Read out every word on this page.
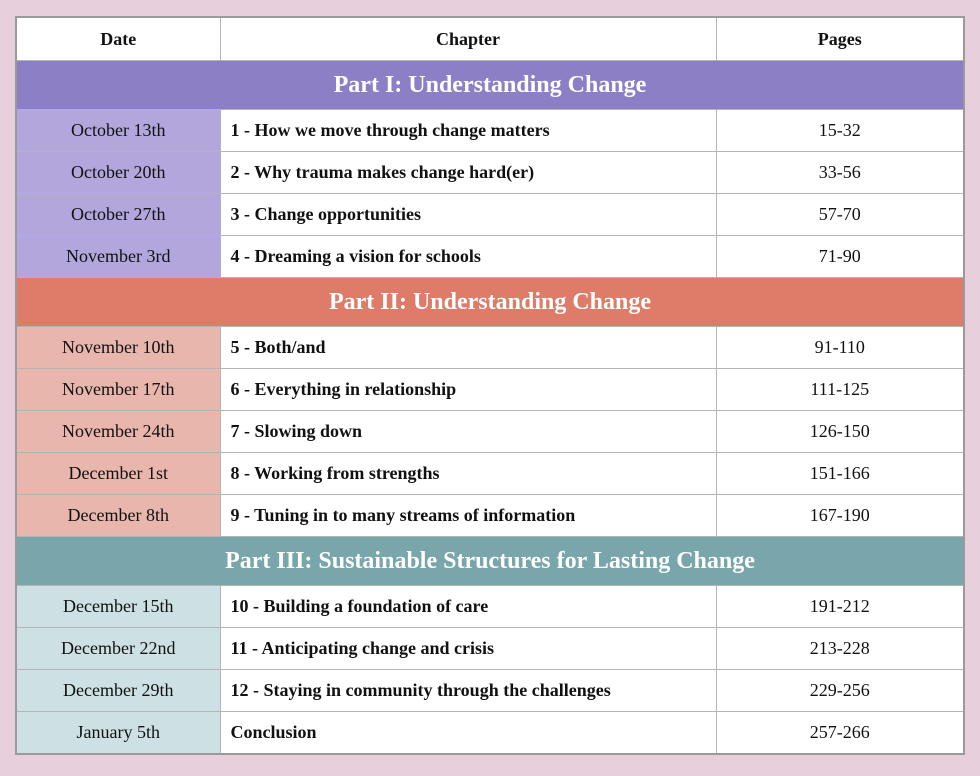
Date	Chapter	Pages
Part I: Understanding Change		
October 13th	1 - How we move through change matters	15-32
October 20th	2 - Why trauma makes change hard(er)	33-56
October 27th	3 - Change opportunities	57-70
November 3rd	4 - Dreaming a vision for schools	71-90
Part II: Understanding Change		
November 10th	5 - Both/and	91-110
November 17th	6 - Everything in relationship	111-125
November 24th	7 - Slowing down	126-150
December 1st	8 - Working from strengths	151-166
December 8th	9 - Tuning in to many streams of information	167-190
Part III: Sustainable Structures for Lasting Change		
December 15th	10 - Building a foundation of care	191-212
December 22nd	11 - Anticipating change and crisis	213-228
December 29th	12 - Staying in community through the challenges	229-256
January 5th	Conclusion	257-266
